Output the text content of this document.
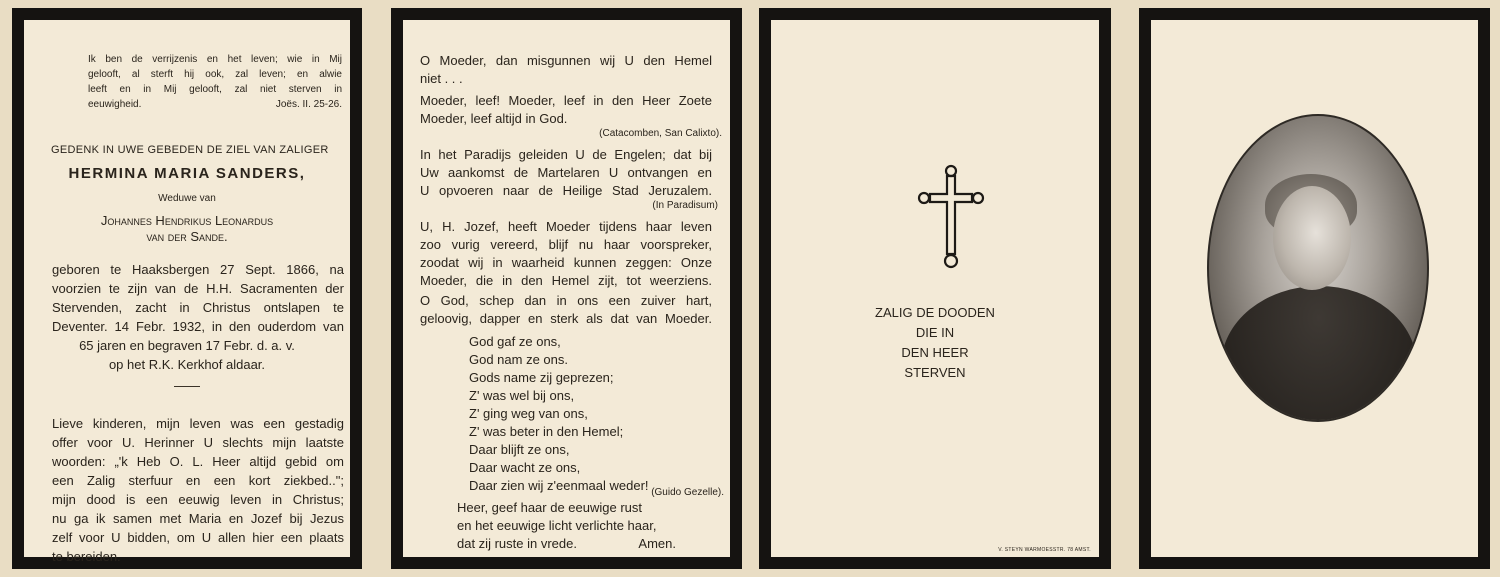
Ik ben de verrijzenis en het leven; wie in Mij
gelooft, al sterft hij ook, zal leven; en alwie
leeft en in Mij gelooft, zal niet sterven in
eeuwigheid.	Joës. II. 25-26.
GEDENK IN UWE GEBEDEN DE ZIEL VAN ZALIGER
HERMINA MARIA SANDERS,
Weduwe van
Johannes Hendrikus Leonardus
van der Sande.
geboren te Haaksbergen 27 Sept. 1866, na
voorzien te zijn van de H.H. Sacramenten der
Stervenden, zacht in Christus ontslapen te
Deventer. 14 Febr. 1932, in den ouderdom van
65 jaren en begraven 17 Febr. d. a. v.
op het R.K. Kerkhof aldaar.
Lieve kinderen, mijn leven was een gestadig
offer voor U. Herinner U slechts mijn laatste
woorden: „'k Heb O. L. Heer altijd gebid om
een Zalig sterfuur en een kort ziekbed..";
mijn dood is een eeuwig leven in Christus;
nu ga ik samen met Maria en Jozef bij Jezus
zelf voor U bidden, om U allen hier een plaats
te bereiden.
O Moeder, dan misgunnen wij U den Hemel
niet . . .
Moeder, leef! Moeder, leef in den Heer Zoete
Moeder, leef altijd in God.
(Catacomben, San Calixto).
In het Paradijs geleiden U de Engelen; dat bij
Uw aankomst de Martelaren U ontvangen en
U opvoeren naar de Heilige Stad Jeruzalem.
(In Paradisum)
U, H. Jozef, heeft Moeder tijdens haar leven
zoo vurig vereerd, blijf nu haar voorspreker,
zoodat wij in waarheid kunnen zeggen: Onze
Moeder, die in den Hemel zijt, tot weerziens.
O God, schep dan in ons een zuiver hart,
geloovig, dapper en sterk als dat van Moeder.
God gaf ze ons,
God nam ze ons.
Gods name zij geprezen;
Z' was wel bij ons,
Z' ging weg van ons,
Z' was beter in den Hemel;
Daar blijft ze ons,
Daar wacht ze ons,
Daar zien wij z'eenmaal weder! (Guido Gezelle).
Heer, geef haar de eeuwige rust
en het eeuwige licht verlichte haar,
dat zij ruste in vrede.	Amen.
ZALIG DE DOODEN
DIE IN
DEN HEER
STERVEN
V. STEYN WARMOESSTR. 78 AMST.
